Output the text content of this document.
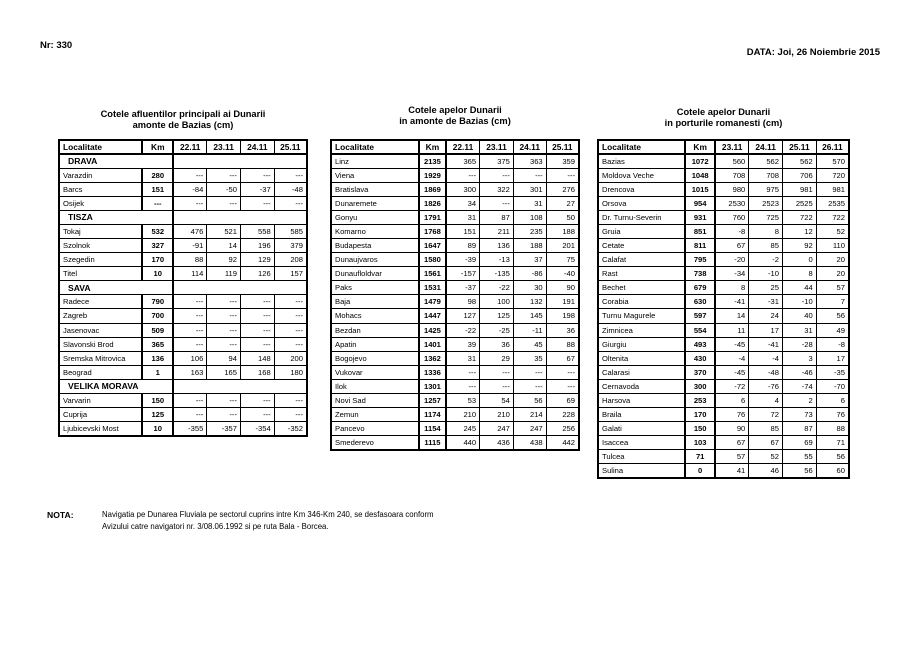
Nr: 330
DATA: Joi, 26 Noiembrie 2015
Cotele afluentilor principali ai Dunarii
amonte de Bazias (cm)
Cotele apelor Dunarii
in amonte de Bazias (cm)
Cotele apelor Dunarii
in porturile romanesti (cm)
Localitate	Km	22.11	23.11	24.11	25.11
DRAVA					
Varazdin	280	---	---	---	---
Barcs	151	-84	-50	-37	-48
Osijek	---	---	---	---	---
TISZA					
Tokaj	532	476	521	558	585
Szolnok	327	-91	14	196	379
Szegedin	170	88	92	129	208
Titel	10	114	119	126	157
SAVA					
Radece	790	---	---	---	---
Zagreb	700	---	---	---	---
Jasenovac	509	---	---	---	---
Slavonski Brod	365	---	---	---	---
Sremska Mitrovica	136	106	94	148	200
Beograd	1	163	165	168	180
VELIKA MORAVA					
Varvarin	150	---	---	---	---
Cuprija	125	---	---	---	---
Ljubicevski Most	10	-355	-357	-354	-352
Localitate	Km	22.11	23.11	24.11	25.11
Linz	2135	365	375	363	359
Viena	1929	---	---	---	---
Bratislava	1869	300	322	301	276
Dunaremete	1826	34	---	31	27
Gonyu	1791	31	87	108	50
Komarno	1768	151	211	235	188
Budapesta	1647	89	136	188	201
Dunaujvaros	1580	-39	-13	37	75
Dunaufloldvar	1561	-157	-135	-86	-40
Paks	1531	-37	-22	30	90
Baja	1479	98	100	132	191
Mohacs	1447	127	125	145	198
Bezdan	1425	-22	-25	-11	36
Apatin	1401	39	36	45	88
Bogojevo	1362	31	29	35	67
Vukovar	1336	---	---	---	---
Ilok	1301	---	---	---	---
Novi Sad	1257	53	54	56	69
Zemun	1174	210	210	214	228
Pancevo	1154	245	247	247	256
Smederevo	1115	440	436	438	442
Localitate	Km	23.11	24.11	25.11	26.11
Bazias	1072	560	562	562	570
Moldova Veche	1048	708	708	706	720
Drencova	1015	980	975	981	981
Orsova	954	2530	2523	2525	2535
Dr. Turnu-Severin	931	760	725	722	722
Gruia	851	-8	8	12	52
Cetate	811	67	85	92	110
Calafat	795	-20	-2	0	20
Rast	738	-34	-10	8	20
Bechet	679	8	25	44	57
Corabia	630	-41	-31	-10	7
Turnu Magurele	597	14	24	40	56
Zimnicea	554	11	17	31	49
Giurgiu	493	-45	-41	-28	-8
Oltenita	430	-4	-4	3	17
Calarasi	370	-45	-48	-46	-35
Cernavoda	300	-72	-76	-74	-70
Harsova	253	6	4	2	6
Braila	170	76	72	73	76
Galati	150	90	85	87	88
Isaccea	103	67	67	69	71
Tulcea	71	57	52	55	56
Sulina	0	41	46	56	60
NOTA:	Navigatia pe Dunarea Fluviala pe sectorul cuprins intre Km 346-Km 240, se desfasoara conform Avizului catre navigatori nr. 3/08.06.1992 si pe ruta Bala - Borcea.
